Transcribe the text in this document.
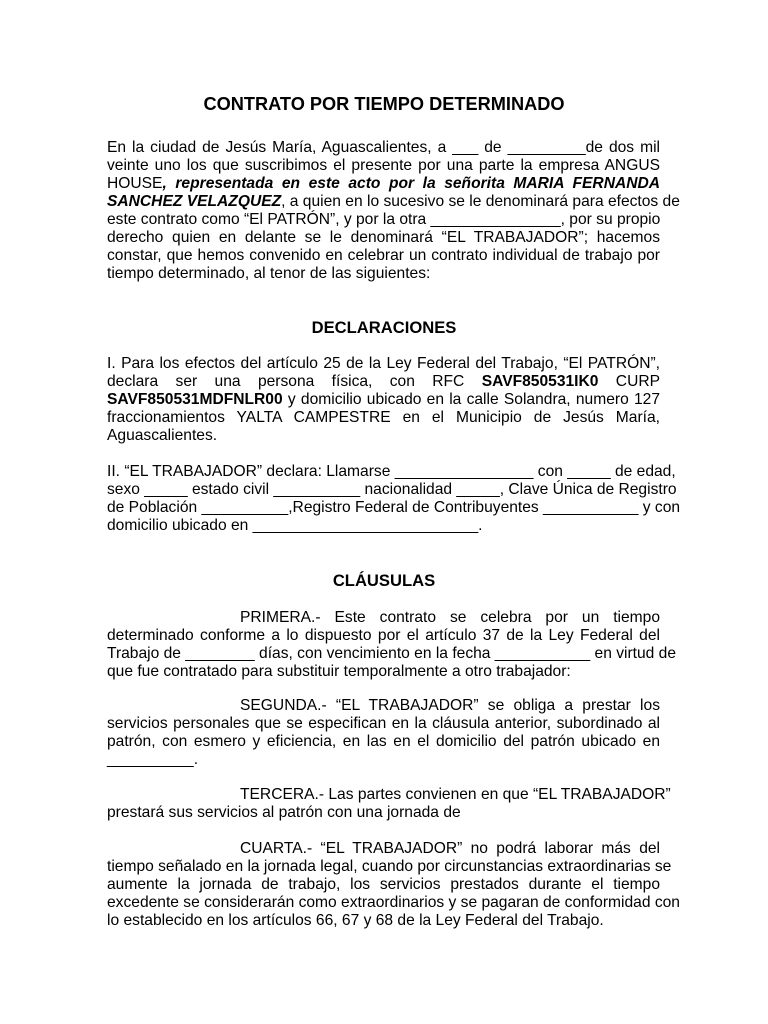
CONTRATO POR TIEMPO DETERMINADO
En la ciudad de Jesús María, Aguascalientes, a ___ de _________de dos mil
veinte uno los que suscribimos el presente por una parte la empresa ANGUS
HOUSE, representada en este acto por la señorita MARIA FERNANDA
SANCHEZ VELAZQUEZ, a quien en lo sucesivo se le denominará para efectos de
este contrato como “El PATRÓN”, y por la otra _______________, por su propio
derecho quien en delante se le denominará “EL TRABAJADOR”; hacemos
constar, que hemos convenido en celebrar un contrato individual de trabajo por
tiempo determinado, al tenor de las siguientes:
DECLARACIONES
I. Para los efectos del artículo 25 de la Ley Federal del Trabajo, “El PATRÓN”,
declara ser una persona física, con RFC SAVF850531IK0 CURP
SAVF850531MDFNLR00 y domicilio ubicado en la calle Solandra, numero 127
fraccionamientos YALTA CAMPESTRE en el Municipio de Jesús María,
Aguascalientes.
II. “EL TRABAJADOR” declara: Llamarse ________________ con _____ de edad,
sexo _____ estado civil __________ nacionalidad _____, Clave Única de Registro
de Población __________,Registro Federal de Contribuyentes ___________ y con
domicilio ubicado en __________________________.
CLÁUSULAS
PRIMERA.- Este contrato se celebra por un tiempo
determinado conforme a lo dispuesto por el artículo 37 de la Ley Federal del
Trabajo de ________ días, con vencimiento en la fecha ___________ en virtud de
que fue contratado para substituir temporalmente a otro trabajador:
SEGUNDA.- “EL TRABAJADOR” se obliga a prestar los
servicios personales que se especifican en la cláusula anterior, subordinado al
patrón, con esmero y eficiencia, en las en el domicilio del patrón ubicado en
__________.
TERCERA.- Las partes convienen en que “EL TRABAJADOR”
prestará sus servicios al patrón con una jornada de
CUARTA.- “EL TRABAJADOR” no podrá laborar más del
tiempo señalado en la jornada legal, cuando por circunstancias extraordinarias se
aumente la jornada de trabajo, los servicios prestados durante el tiempo
excedente se considerarán como extraordinarios y se pagaran de conformidad con
lo establecido en los artículos 66, 67 y 68 de la Ley Federal del Trabajo.
